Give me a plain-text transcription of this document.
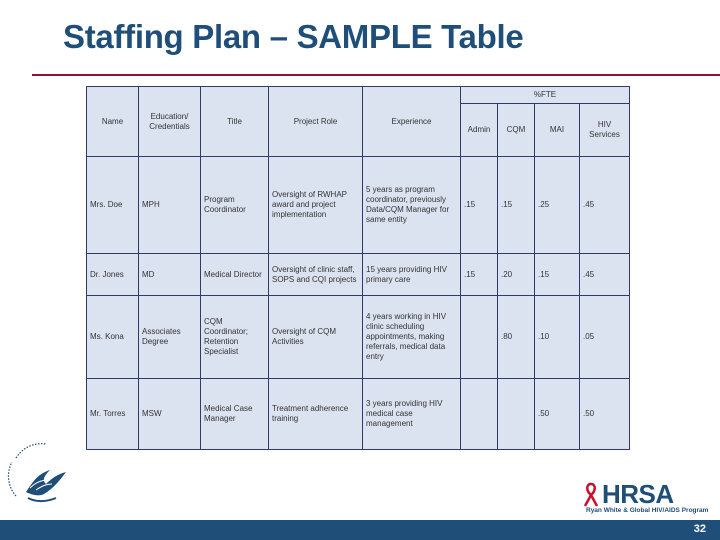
Staffing Plan – SAMPLE Table
Name	Education/ Credentials	Title	Project Role	Experience	%FTE			
					Admin	CQM	MAI	HIV Services
Mrs. Doe	MPH	Program Coordinator	Oversight of RWHAP award and project implementation	5 years as program coordinator, previously Data/CQM Manager for same entity	.15	.15	.25	.45
Dr. Jones	MD	Medical Director	Oversight of clinic staff, SOPS and CQI projects	15 years providing HIV primary care	.15	.20	.15	.45
Ms. Kona	Associates Degree	CQM Coordinator; Retention Specialist	Oversight of CQM Activities	4 years working in HIV clinic scheduling appointments, making referrals, medical data entry		.80	.10	.05
Mr. Torres	MSW	Medical Case Manager	Treatment adherence training	3 years providing HIV medical case management			.50	.50
HRSA
Ryan White & Global HIV/AIDS Program
32
